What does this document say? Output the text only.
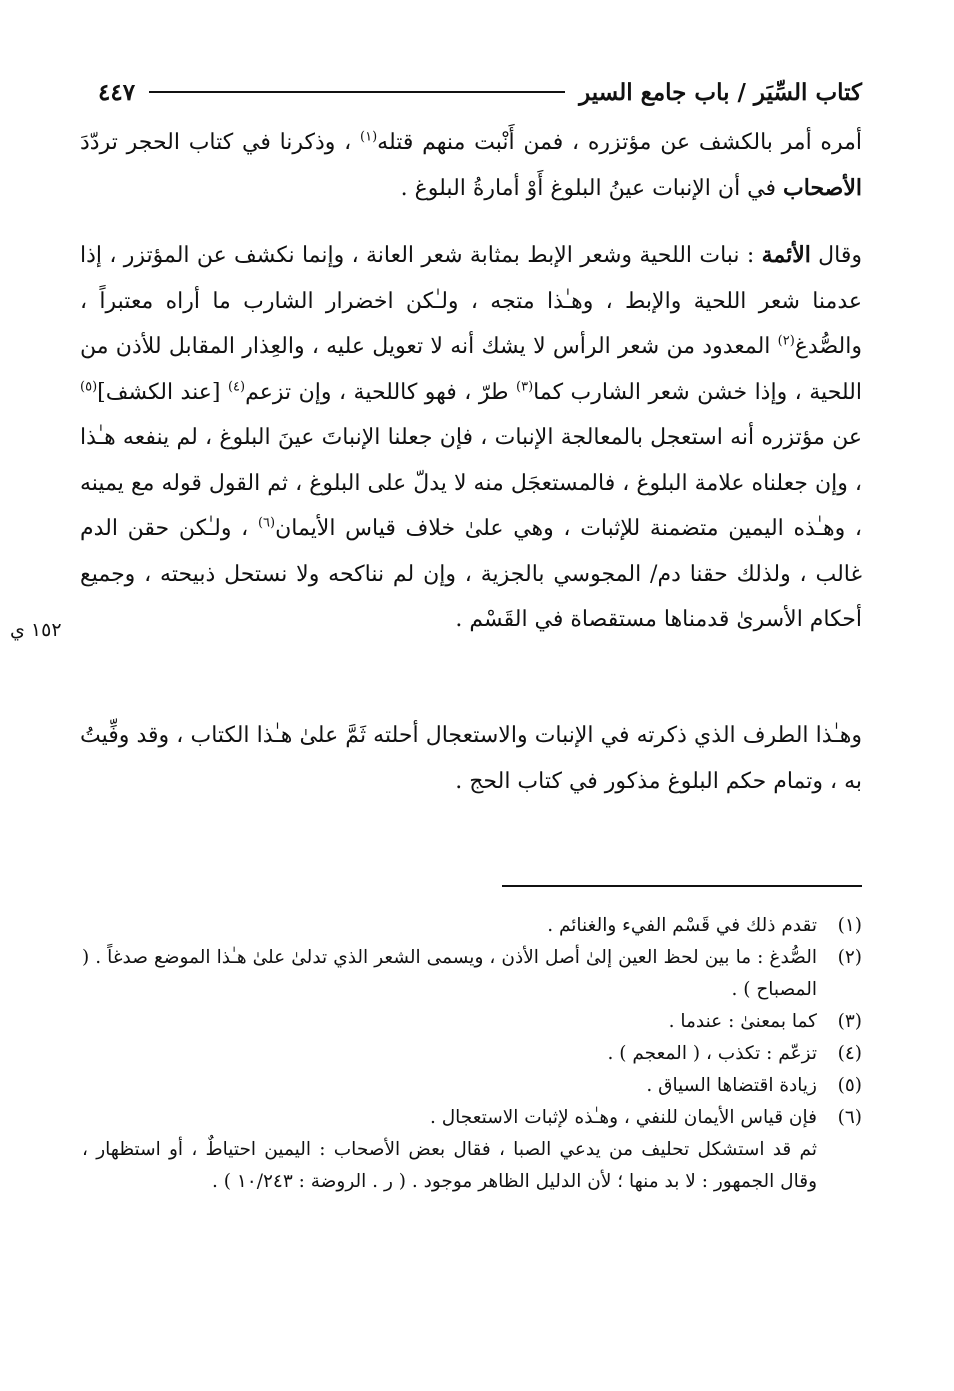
كتاب السِّيَر / باب جامع السير
٤٤٧
أمره أمر بالكشف عن مؤتزره ، فمن أَنْبت منهم قتله$^{(١)}$ ، وذكرنا في كتاب الحجر تردّدَ الأصحاب في أن الإنبات عينُ البلوغ أَوْ أمارةُ البلوغ .
وقال الأئمة : نبات اللحية وشعر الإبط بمثابة شعر العانة ، وإنما نكشف عن المؤتزر ، إذا عدمنا شعر اللحية والإبط ، وهـٰذا متجه ، ولـٰكن اخضرار الشارب ما أراه معتبراً ، والصُّدغ$^{(٢)}$ المعدود من شعر الرأس لا يشك أنه لا تعويل عليه ، والعِذار المقابل للأذن من اللحية ، وإذا خشن شعر الشارب كما$^{(٣)}$ طرّ ، فهو كاللحية ، وإن تزعم$^{(٤)}$ [عند الكشف]$^{(٥)}$ عن مؤتزره أنه استعجل بالمعالجة الإنبات ، فإن جعلنا الإنباتَ عينَ البلوغ ، لم ينفعه هـٰذا ، وإن جعلناه علامة البلوغ ، فالمستعجَل منه لا يدلّ على البلوغ ، ثم القول قوله مع يمينه ، وهـٰذه اليمين متضمنة للإثبات ، وهي علىٰ خلاف قياس الأيمان$^{(٦)}$ ، ولـٰكن حقن الدم غالب ، ولذلك حقنا دم/ المجوسي بالجزية ، وإن لم نناكحه ولا نستحل ذبيحته ، وجميع أحكام الأسرىٰ قدمناها مستقصاة في القَسْم .
وهـٰذا الطرف الذي ذكرته في الإنبات والاستعجال أحلته ثَمَّ علىٰ هـٰذا الكتاب ، وقد وفِّيتُ به ، وتمام حكم البلوغ مذكور في كتاب الحج .
١٥٢ ي
(١)
تقدم ذلك في قَسْم الفيء والغنائم .
(٢)
الصُّدغ : ما بين لحظ العين إلىٰ أصل الأذن ، ويسمى الشعر الذي تدلىٰ علىٰ هـٰذا الموضع صدغاً . ( المصباح ) .
(٣)
كما بمعنىٰ : عندما .
(٤)
تزعّم : تكذب ، ( المعجم ) .
(٥)
زيادة اقتضاها السياق .
(٦)
فإن قياس الأيمان للنفي ، وهـٰذه لإثبات الاستعجال .
ثم قد استشكل تحليف من يدعي الصبا ، فقال بعض الأصحاب : اليمين احتياطٌ ، أو استظهار ، وقال الجمهور : لا بد منها ؛ لأن الدليل الظاهر موجود . ( ر . الروضة : ١٠/٢٤٣ ) .
